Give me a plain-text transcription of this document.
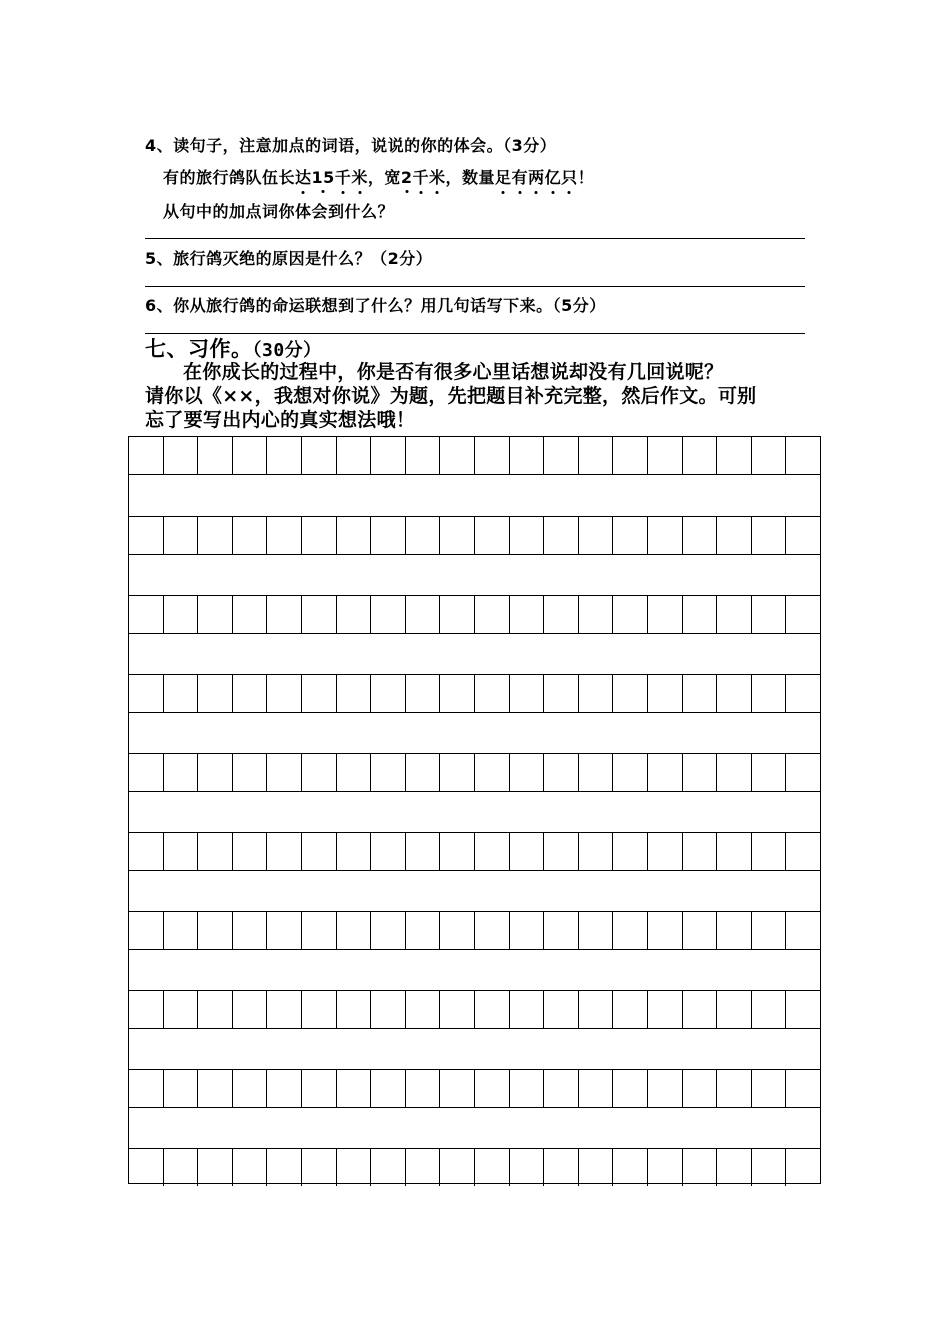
4、读句子，注意加点的词语，说说的你的体会。（3分）
有的旅行鸽队伍长达15千米，宽2千米，数量足有两亿只！
从句中的加点词你体会到什么？
5、旅行鸽灭绝的原因是什么？（2分）
6、你从旅行鸽的命运联想到了什么？用几句话写下来。（5分）
七、习作。（30分）
在你成长的过程中，你是否有很多心里话想说却没有几回说呢？
请你以《××，我想对你说》为题，先把题目补充完整，然后作文。可别
忘了要写出内心的真实想法哦！
